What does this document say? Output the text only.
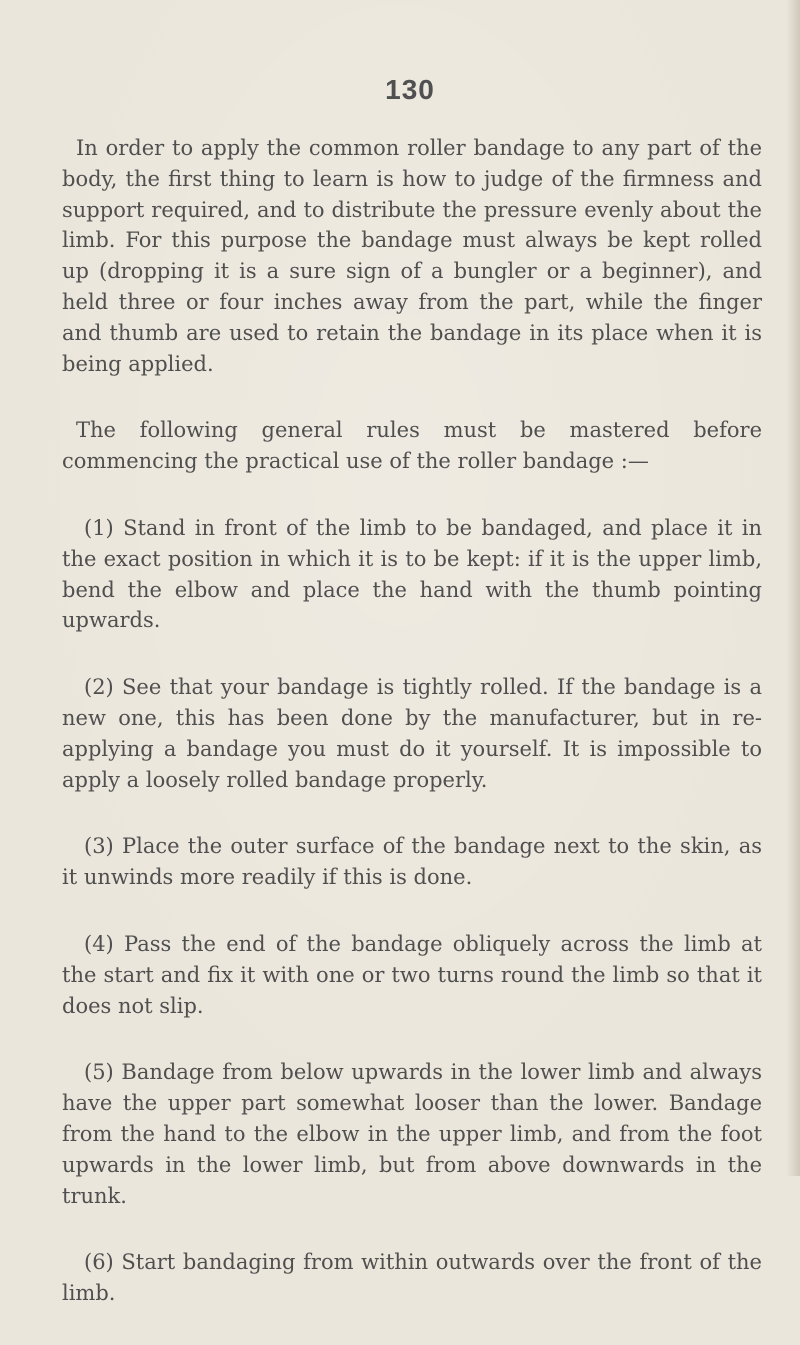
130

In order to apply the common roller bandage to any part of the body, the first thing to learn is how to judge of the firmness and support required, and to distribute the pressure evenly about the limb. For this purpose the bandage must always be kept rolled up (dropping it is a sure sign of a bungler or a beginner), and held three or four inches away from the part, while the finger and thumb are used to retain the bandage in its place when it is being applied.

The following general rules must be mastered before commencing the practical use of the roller bandage :—

(1) Stand in front of the limb to be bandaged, and place it in the exact position in which it is to be kept: if it is the upper limb, bend the elbow and place the hand with the thumb pointing upwards.

(2) See that your bandage is tightly rolled. If the bandage is a new one, this has been done by the manufacturer, but in re-applying a bandage you must do it yourself. It is impossible to apply a loosely rolled bandage properly.

(3) Place the outer surface of the bandage next to the skin, as it unwinds more readily if this is done.

(4) Pass the end of the bandage obliquely across the limb at the start and fix it with one or two turns round the limb so that it does not slip.

(5) Bandage from below upwards in the lower limb and always have the upper part somewhat looser than the lower. Bandage from the hand to the elbow in the upper limb, and from the foot upwards in the lower limb, but from above downwards in the trunk.

(6) Start bandaging from within outwards over the front of the limb.
